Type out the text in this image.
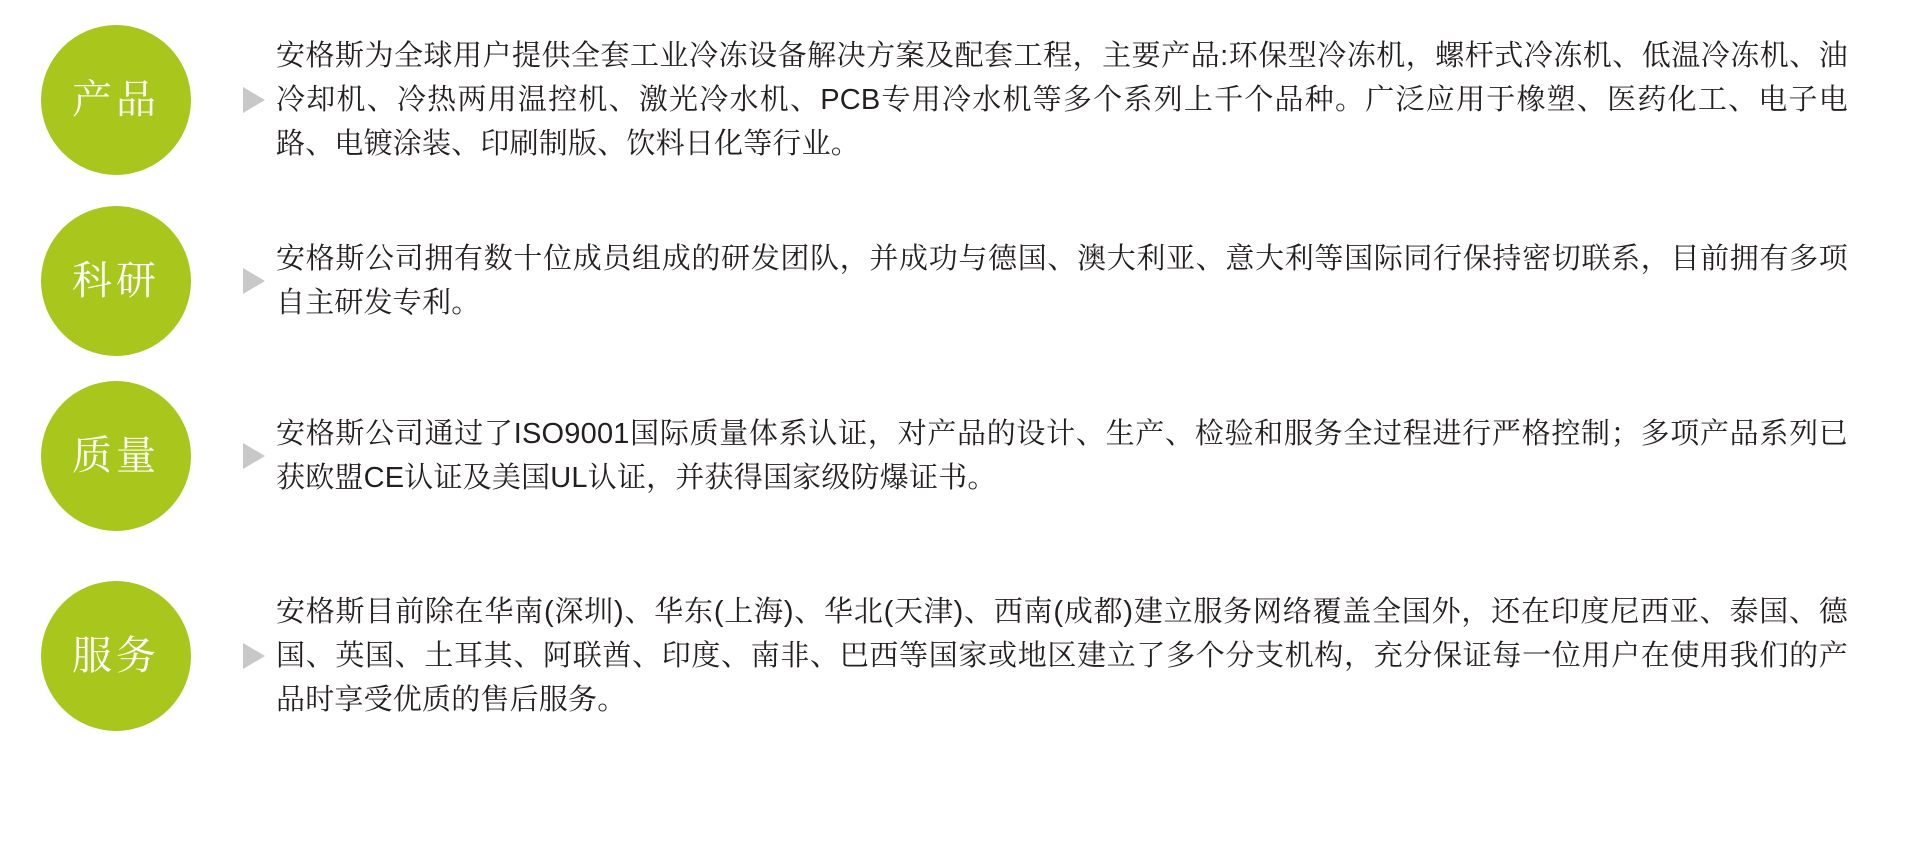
产品
安格斯为全球用户提供全套工业冷冻设备解决方案及配套工程，主要产品:环保型冷冻机，螺杆式冷冻机、低温冷冻机、油冷却机、冷热两用温控机、激光冷水机、PCB专用冷水机等多个系列上千个品种。广泛应用于橡塑、医药化工、电子电路、电镀涂装、印刷制版、饮料日化等行业。
科研
安格斯公司拥有数十位成员组成的研发团队，并成功与德国、澳大利亚、意大利等国际同行保持密切联系，目前拥有多项自主研发专利。
质量
安格斯公司通过了ISO9001国际质量体系认证，对产品的设计、生产、检验和服务全过程进行严格控制；多项产品系列已获欧盟CE认证及美国UL认证，并获得国家级防爆证书。
服务
安格斯目前除在华南(深圳)、华东(上海)、华北(天津)、西南(成都)建立服务网络覆盖全国外，还在印度尼西亚、泰国、德国、英国、土耳其、阿联酋、印度、南非、巴西等国家或地区建立了多个分支机构，充分保证每一位用户在使用我们的产品时享受优质的售后服务。
